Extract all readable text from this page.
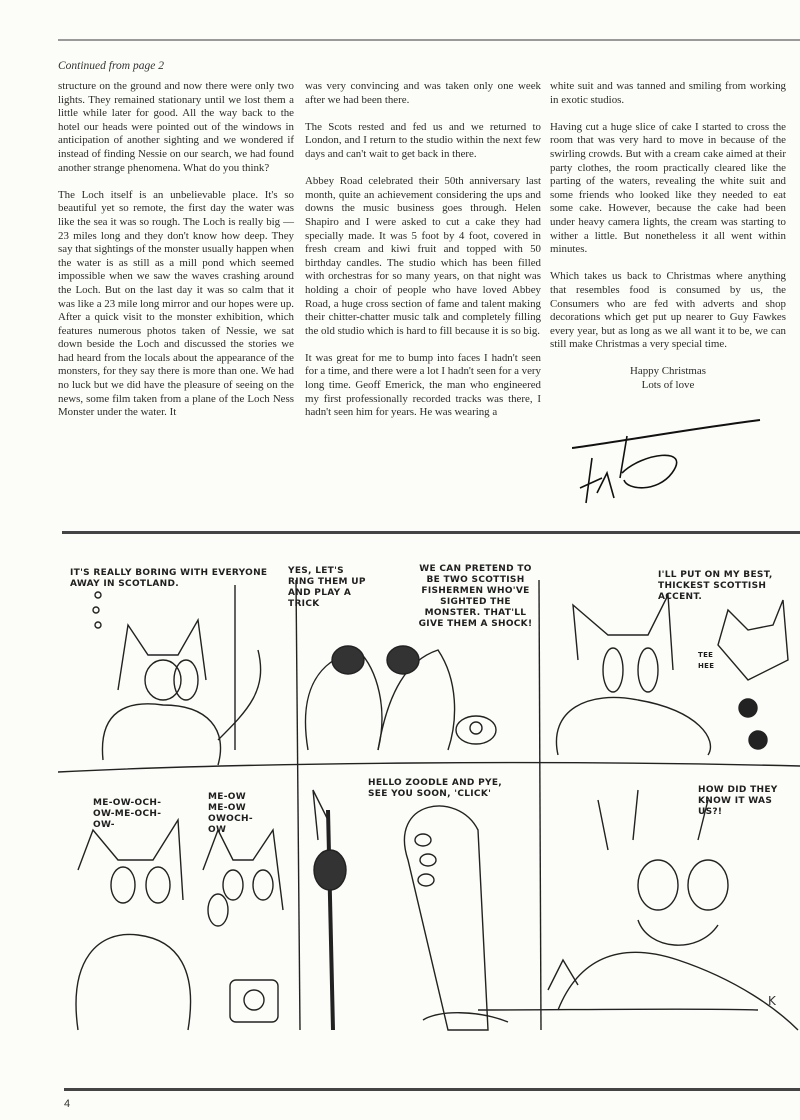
Continued from page 2

structure on the ground and now there were only two lights. They remained stationary until we lost them a little while later for good. All the way back to the hotel our heads were pointed out of the windows in anticipation of another sighting and we wondered if instead of finding Nessie on our search, we had found another strange phenomena. What do you think?

The Loch itself is an unbelievable place. It's so beautiful yet so remote, the first day the water was like the sea it was so rough. The Loch is really big — 23 miles long and they don't know how deep. They say that sightings of the monster usually happen when the water is as still as a mill pond which seemed impossible when we saw the waves crashing around the Loch. But on the last day it was so calm that it was like a 23 mile long mirror and our hopes were up. After a quick visit to the monster exhibition, which features numerous photos taken of Nessie, we sat down beside the Loch and discussed the stories we had heard from the locals about the appearance of the monsters, for they say there is more than one. We had no luck but we did have the pleasure of seeing on the news, some film taken from a plane of the Loch Ness Monster under the water. It

was very convincing and was taken only one week after we had been there.

The Scots rested and fed us and we returned to London, and I return to the studio within the next few days and can't wait to get back in there.

Abbey Road celebrated their 50th anniversary last month, quite an achievement considering the ups and downs the music business goes through. Helen Shapiro and I were asked to cut a cake they had specially made. It was 5 foot by 4 foot, covered in fresh cream and kiwi fruit and topped with 50 birthday candles. The studio which has been filled with orchestras for so many years, on that night was holding a choir of people who have loved Abbey Road, a huge cross section of fame and talent making their chitter-chatter music talk and completely filling the old studio which is hard to fill because it is so big.

It was great for me to bump into faces I hadn't seen for a time, and there were a lot I hadn't seen for a very long time. Geoff Emerick, the man who engineered my first professionally recorded tracks was there, I hadn't seen him for years. He was wearing a

white suit and was tanned and smiling from working in exotic studios.

Having cut a huge slice of cake I started to cross the room that was very hard to move in because of the swirling crowds. But with a cream cake aimed at their party clothes, the room practically cleared like the parting of the waters, revealing the white suit and some friends who looked like they needed to eat some cake. However, because the cake had been under heavy camera lights, the cream was starting to wither a little. But nonetheless it all went within minutes.

Which takes us back to Christmas where anything that resembles food is consumed by us, the Consumers who are fed with adverts and shop decorations which get put up nearer to Guy Fawkes every year, but as long as we all want it to be, we can still make Christmas a very special time.

Happy Christmas
Lots of love
K
IT'S REALLY BORING WITH EVERYONE AWAY IN SCOTLAND.
YES, LET'S RING THEM UP AND PLAY A TRICK
WE CAN PRETEND TO BE TWO SCOTTISH FISHERMEN WHO'VE SIGHTED THE MONSTER. THAT'LL GIVE THEM A SHOCK!
I'LL PUT ON MY BEST, THICKEST SCOTTISH ACCENT.
TEE HEE
ME-OW-OCH-OW-ME-OCH-OW-
ME-OW ME-OW OWOCH-OW
HELLO ZOODLE AND PYE, SEE YOU SOON, 'CLICK'	HOW DID THEY KNOW IT WAS US?!
4
